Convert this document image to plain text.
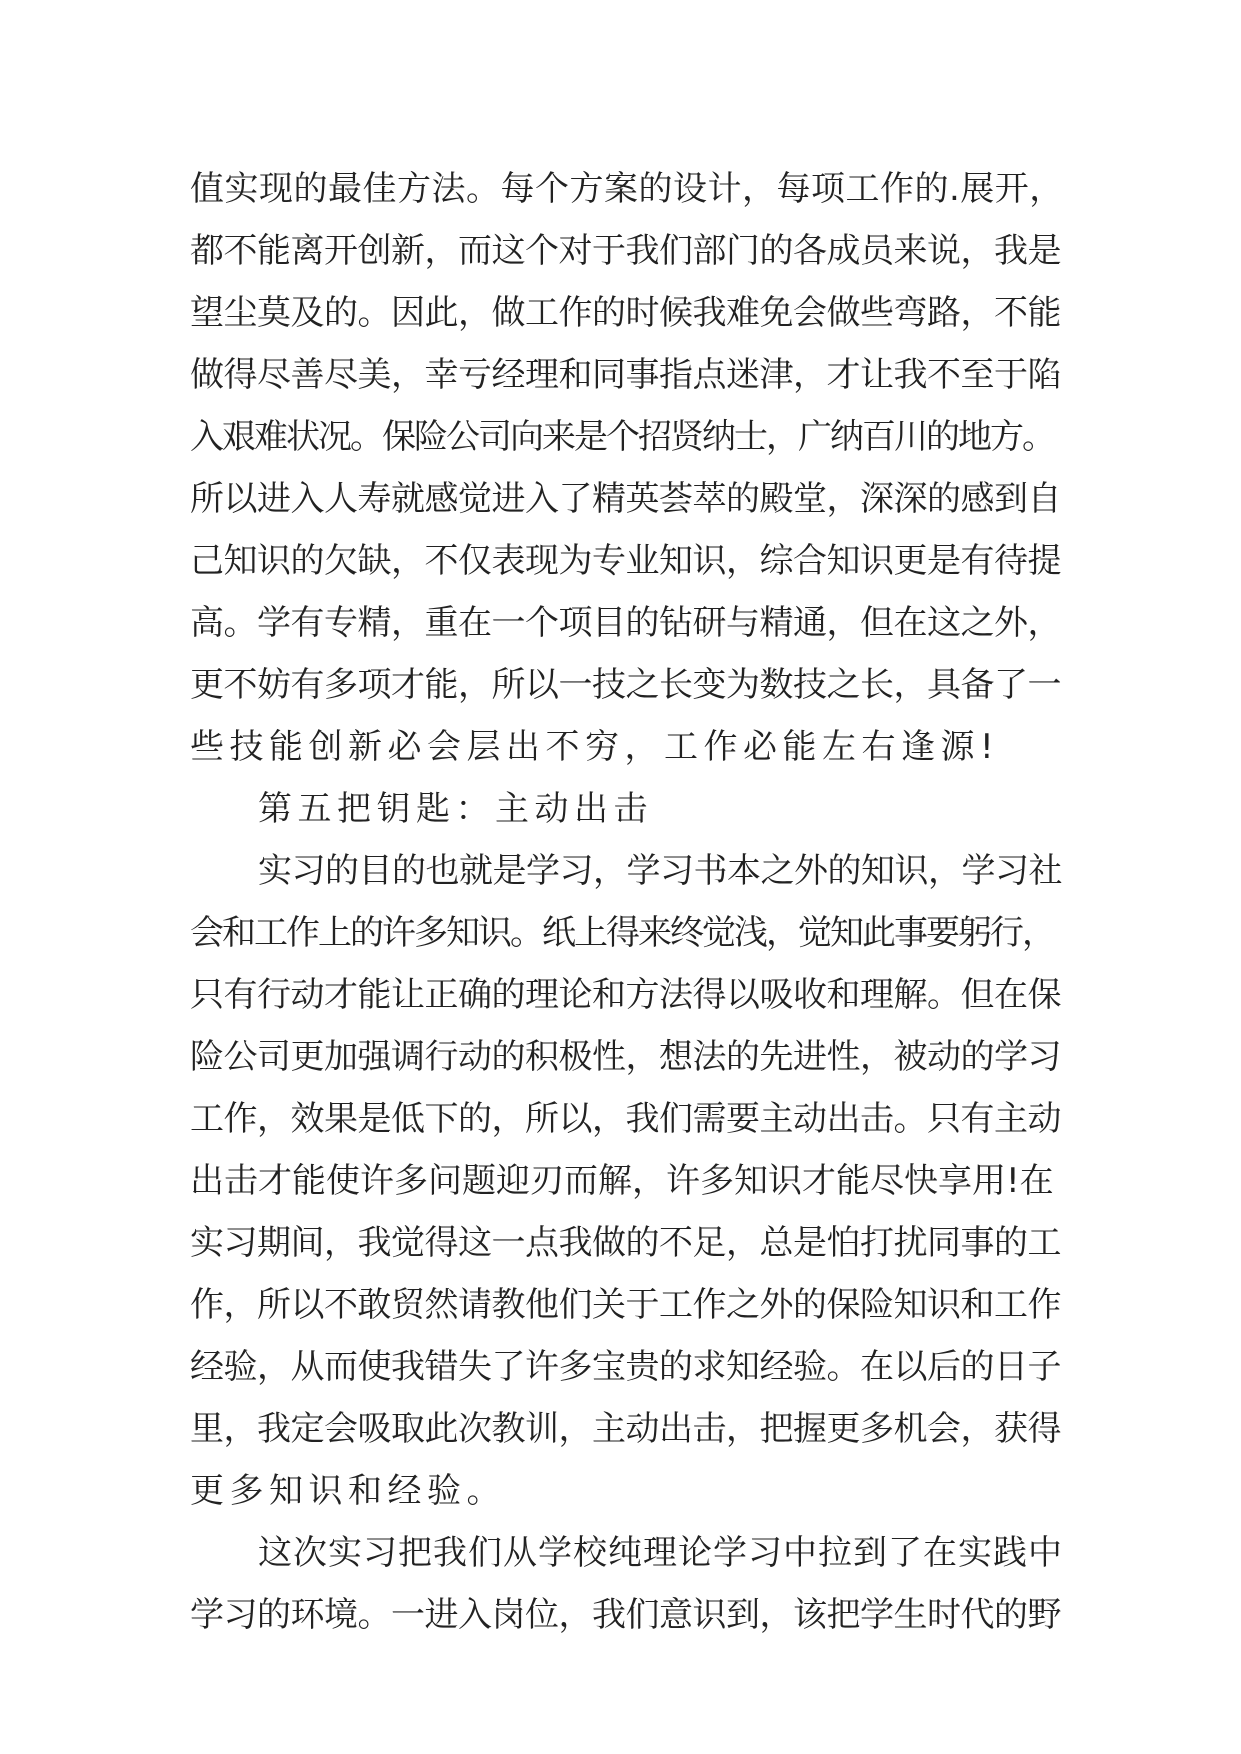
值实现的最佳方法。每个方案的设计，每项工作的.展开，
都不能离开创新，而这个对于我们部门的各成员来说，我是
望尘莫及的。因此，做工作的时候我难免会做些弯路，不能
做得尽善尽美，幸亏经理和同事指点迷津，才让我不至于陷
入艰难状况。保险公司向来是个招贤纳士，广纳百川的地方。
所以进入人寿就感觉进入了精英荟萃的殿堂，深深的感到自
己知识的欠缺，不仅表现为专业知识，综合知识更是有待提
高。学有专精，重在一个项目的钻研与精通，但在这之外，
更不妨有多项才能，所以一技之长变为数技之长，具备了一
些技能创新必会层出不穷，工作必能左右逢源!
第五把钥匙：主动出击
实习的目的也就是学习，学习书本之外的知识，学习社
会和工作上的许多知识。纸上得来终觉浅，觉知此事要躬行，
只有行动才能让正确的理论和方法得以吸收和理解。但在保
险公司更加强调行动的积极性，想法的先进性，被动的学习
工作，效果是低下的，所以，我们需要主动出击。只有主动
出击才能使许多问题迎刃而解，许多知识才能尽快享用!在
实习期间，我觉得这一点我做的不足，总是怕打扰同事的工
作，所以不敢贸然请教他们关于工作之外的保险知识和工作
经验，从而使我错失了许多宝贵的求知经验。在以后的日子
里，我定会吸取此次教训，主动出击，把握更多机会，获得
更多知识和经验。
这次实习把我们从学校纯理论学习中拉到了在实践中
学习的环境。一进入岗位，我们意识到，该把学生时代的野
